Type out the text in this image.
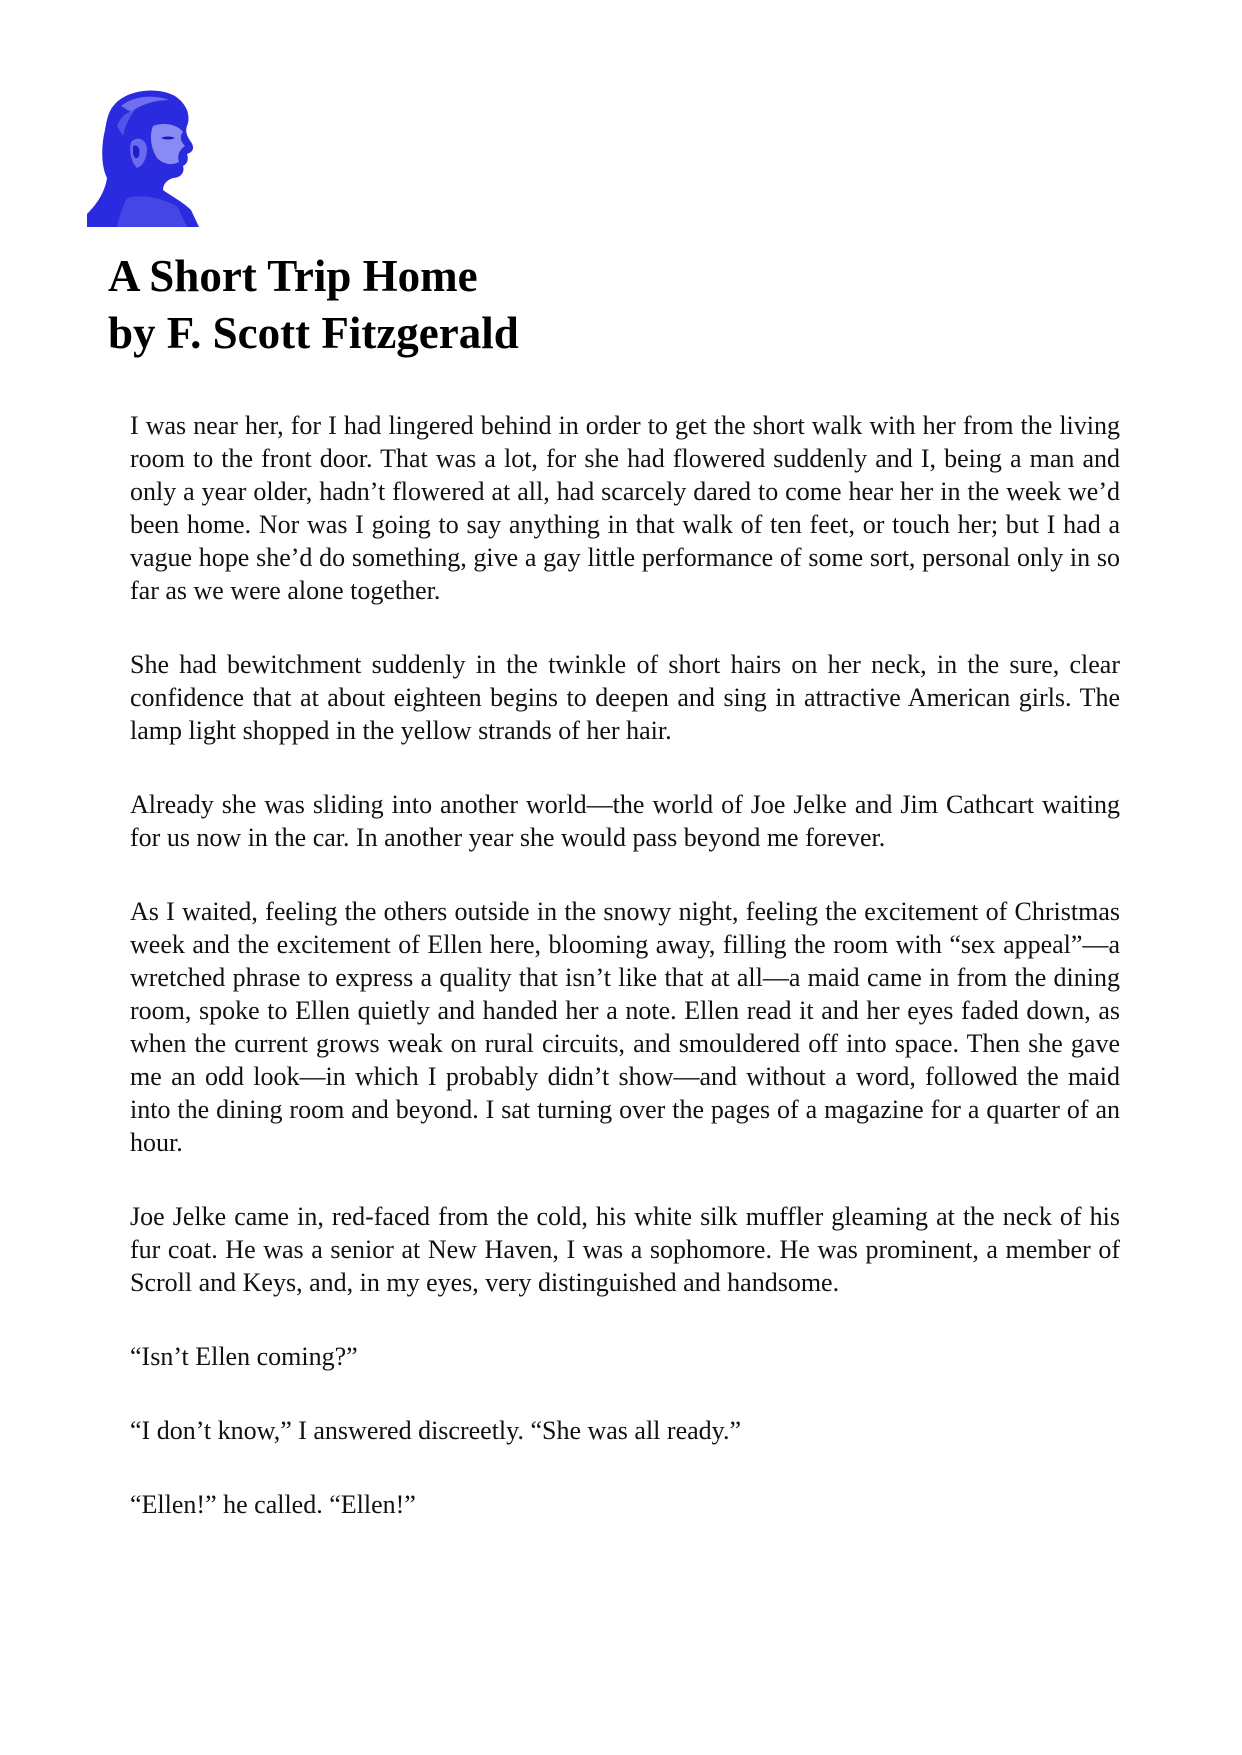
A Short Trip Home
by F. Scott Fitzgerald

I was near her, for I had lingered behind in order to get the short walk with her from the living room to the front door. That was a lot, for she had flowered suddenly and I, being a man and only a year older, hadn’t flowered at all, had scarcely dared to come hear her in the week we’d been home. Nor was I going to say anything in that walk of ten feet, or touch her; but I had a vague hope she’d do something, give a gay little performance of some sort, personal only in so far as we were alone together.

She had bewitchment suddenly in the twinkle of short hairs on her neck, in the sure, clear confidence that at about eighteen begins to deepen and sing in attractive American girls. The lamp light shopped in the yellow strands of her hair.

Already she was sliding into another world—the world of Joe Jelke and Jim Cathcart waiting for us now in the car. In another year she would pass beyond me forever.

As I waited, feeling the others outside in the snowy night, feeling the excitement of Christmas week and the excitement of Ellen here, blooming away, filling the room with “sex appeal”—a wretched phrase to express a quality that isn’t like that at all—a maid came in from the dining room, spoke to Ellen quietly and handed her a note. Ellen read it and her eyes faded down, as when the current grows weak on rural circuits, and smouldered off into space. Then she gave me an odd look—in which I probably didn’t show—and without a word, followed the maid into the dining room and beyond. I sat turning over the pages of a magazine for a quarter of an hour.

Joe Jelke came in, red-faced from the cold, his white silk muffler gleaming at the neck of his fur coat. He was a senior at New Haven, I was a sophomore. He was prominent, a member of Scroll and Keys, and, in my eyes, very distinguished and handsome.

“Isn’t Ellen coming?”

“I don’t know,” I answered discreetly. “She was all ready.”

“Ellen!” he called. “Ellen!”
